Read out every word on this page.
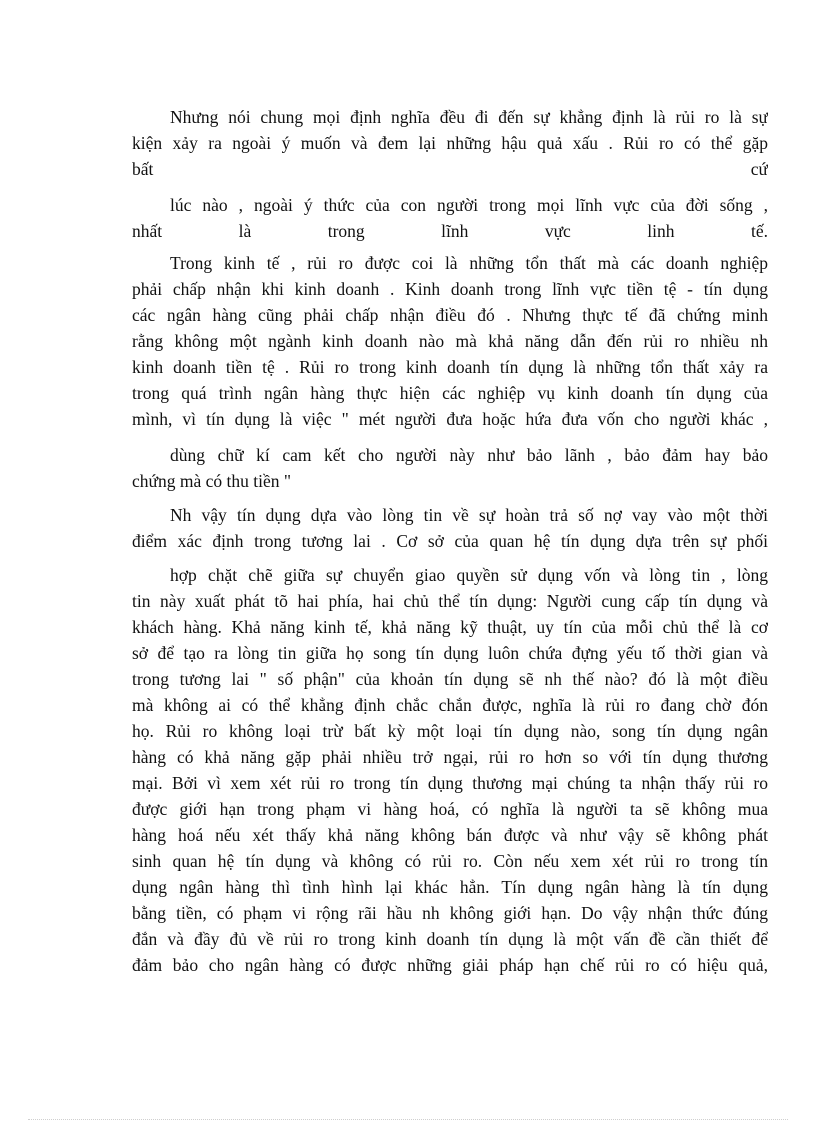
Nhưng nói chung mọi định nghĩa đều đi đến sự khẳng định là rủi ro là sự
kiện xảy ra ngoài ý muốn và đem lại những hậu quả xấu . Rủi ro có thể gặp
bất cứ
lúc nào , ngoài ý thức của con người trong mọi lĩnh vực của đời sống ,
nhất là trong lĩnh vực linh tế.
Trong kinh tế , rủi ro được coi là những tổn thất mà các doanh nghiệp
phải chấp nhận khi kinh doanh . Kinh doanh trong lĩnh vực tiền tệ - tín dụng
các ngân hàng cũng phải chấp nhận điều đó . Nhưng thực tế đã chứng minh
rằng không một ngành kinh doanh nào mà khả năng dẫn đến rủi ro nhiều nh
kinh doanh tiền tệ . Rủi ro trong kinh doanh tín dụng là những tổn thất xảy ra
trong quá trình ngân hàng thực hiện các nghiệp vụ kinh doanh tín dụng của
mình, vì tín dụng là việc " mét người đưa hoặc hứa đưa vốn cho người khác ,
dùng chữ kí cam kết cho người này như bảo lãnh , bảo đảm hay bảo
chứng mà có thu tiền "
Nh vậy tín dụng dựa vào lòng tin về sự hoàn trả số nợ vay vào một thời
điểm xác định trong tương lai . Cơ sở của quan hệ tín dụng dựa trên sự phối
hợp chặt chẽ giữa sự chuyển giao quyền sử dụng vốn và lòng tin , lòng
tin này xuất phát tõ hai phía, hai chủ thể tín dụng: Người cung cấp tín dụng và
khách hàng. Khả năng kinh tế, khả năng kỹ thuật, uy tín của mỗi chủ thể là cơ
sở để tạo ra lòng tin giữa họ song tín dụng luôn chứa đựng yếu tố thời gian và
trong tương lai " số phận" của khoản tín dụng sẽ nh thế nào? đó là một điều
mà không ai có thể khẳng định chắc chắn được, nghĩa là rủi ro đang chờ đón
họ. Rủi ro không loại trừ bất kỳ một loại tín dụng nào, song tín dụng ngân
hàng có khả năng gặp phải nhiều trở ngại, rủi ro hơn so với tín dụng thương
mại. Bởi vì xem xét rủi ro trong tín dụng thương mại chúng ta nhận thấy rủi ro
được giới hạn trong phạm vi hàng hoá, có nghĩa là người ta sẽ không mua
hàng hoá nếu xét thấy khả năng không bán được và như vậy sẽ không phát
sinh quan hệ tín dụng và không có rủi ro. Còn nếu xem xét rủi ro trong tín
dụng ngân hàng thì tình hình lại khác hẳn. Tín dụng ngân hàng là tín dụng
bằng tiền, có phạm vi rộng rãi hầu nh không giới hạn. Do vậy nhận thức đúng
đắn và đầy đủ về rủi ro trong kinh doanh tín dụng là một vấn đề cần thiết để
đảm bảo cho ngân hàng có được những giải pháp hạn chế rủi ro có hiệu quả,
